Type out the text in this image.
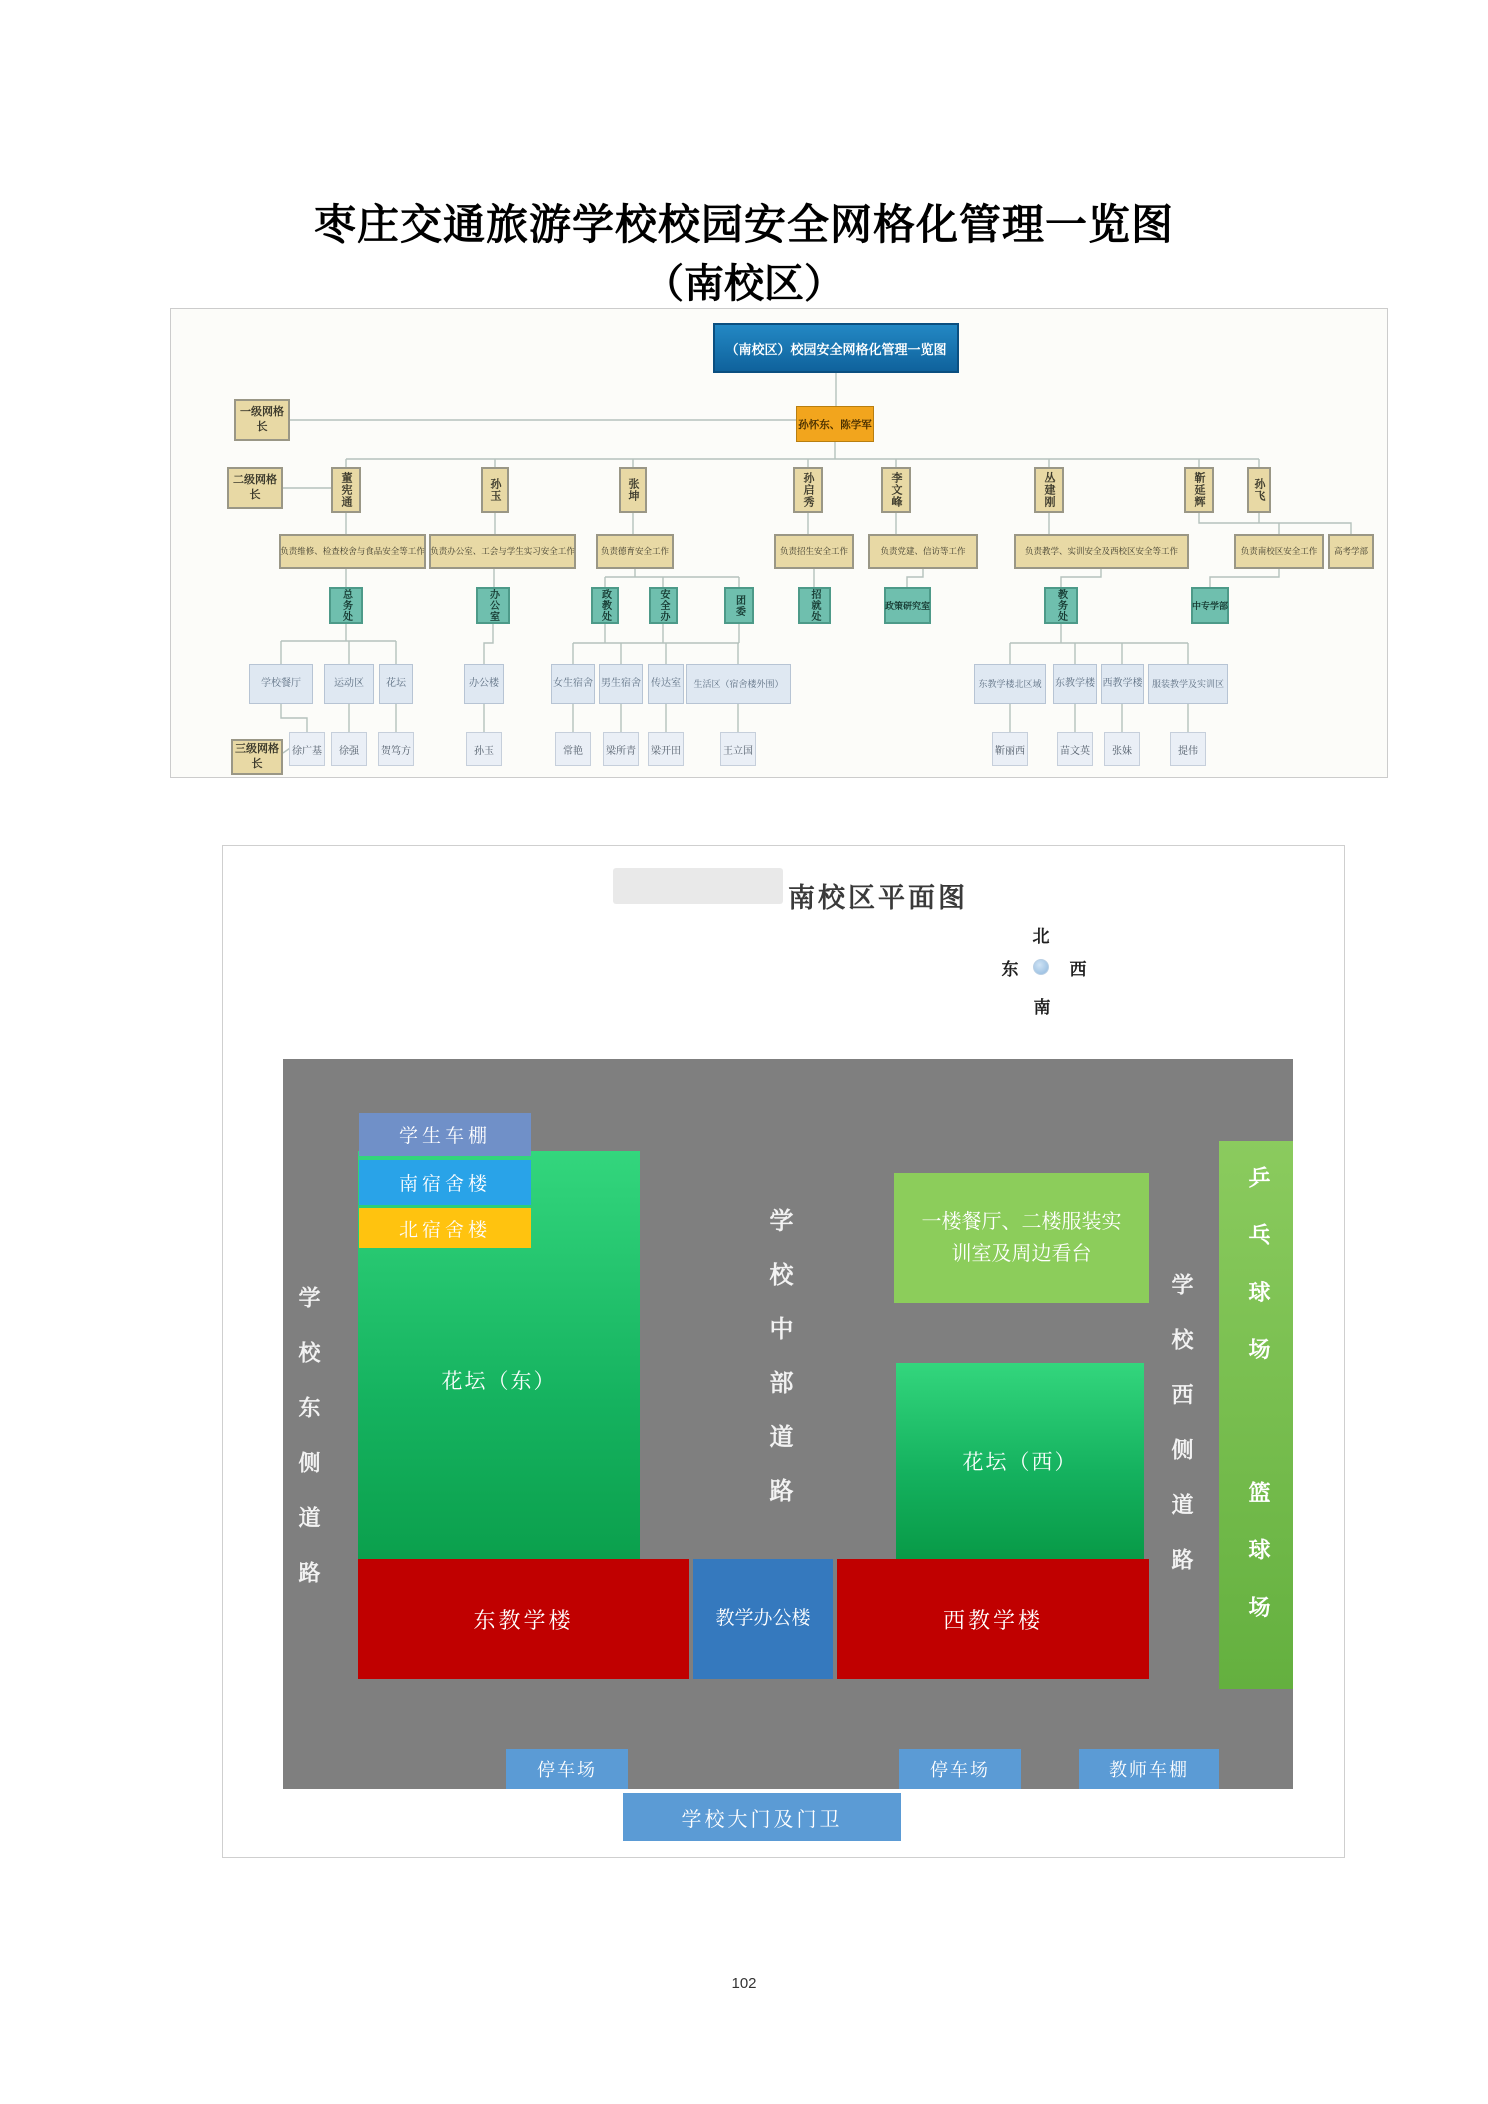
枣庄交通旅游学校校园安全网格化管理一览图
（南校区）
（南校区）校园安全网格化管理一览图
一级网格长
二级网格长
三级网格长
孙怀东、陈学军
董宪通	孙玉	张坤	孙启秀	李文峰	丛建刚	靳延辉	孙飞
负责维修、检查校舍与食品安全等工作 负责办公室、工会与学生实习安全工作	负责德育安全工作	负责招生安全工作	负责党建、信访等工作	负责教学、实训安全及西校区安全等工作	负责南校区安全工作	高考学部
总务处	办公室	政教处	安全办	团委	招就处	政策研究室	教务处	中专学部
学校餐厅	运动区	花坛	办公楼	女生宿舍 男生宿舍	传达室	生活区（宿舍楼外围）	东教学楼北区域	东教学楼 西教学楼	服装教学及实训区
徐广基	徐强	贺笃方	孙玉	常艳	梁所青	梁开田	王立国	靳丽西	苗文英	张妹	提伟
南校区平面图
北
东	西
南
学校东侧道路	学校中部道路	学校西侧道路
花坛（东）
学生车棚
南宿舍楼
北宿舍楼	一楼餐厅、二楼服装实训室及周边看台
花坛（西）
乒乓球场
篮球场
东教学楼	教学办公楼	西教学楼
停车场	停车场	教师车棚
学校大门及门卫
102
